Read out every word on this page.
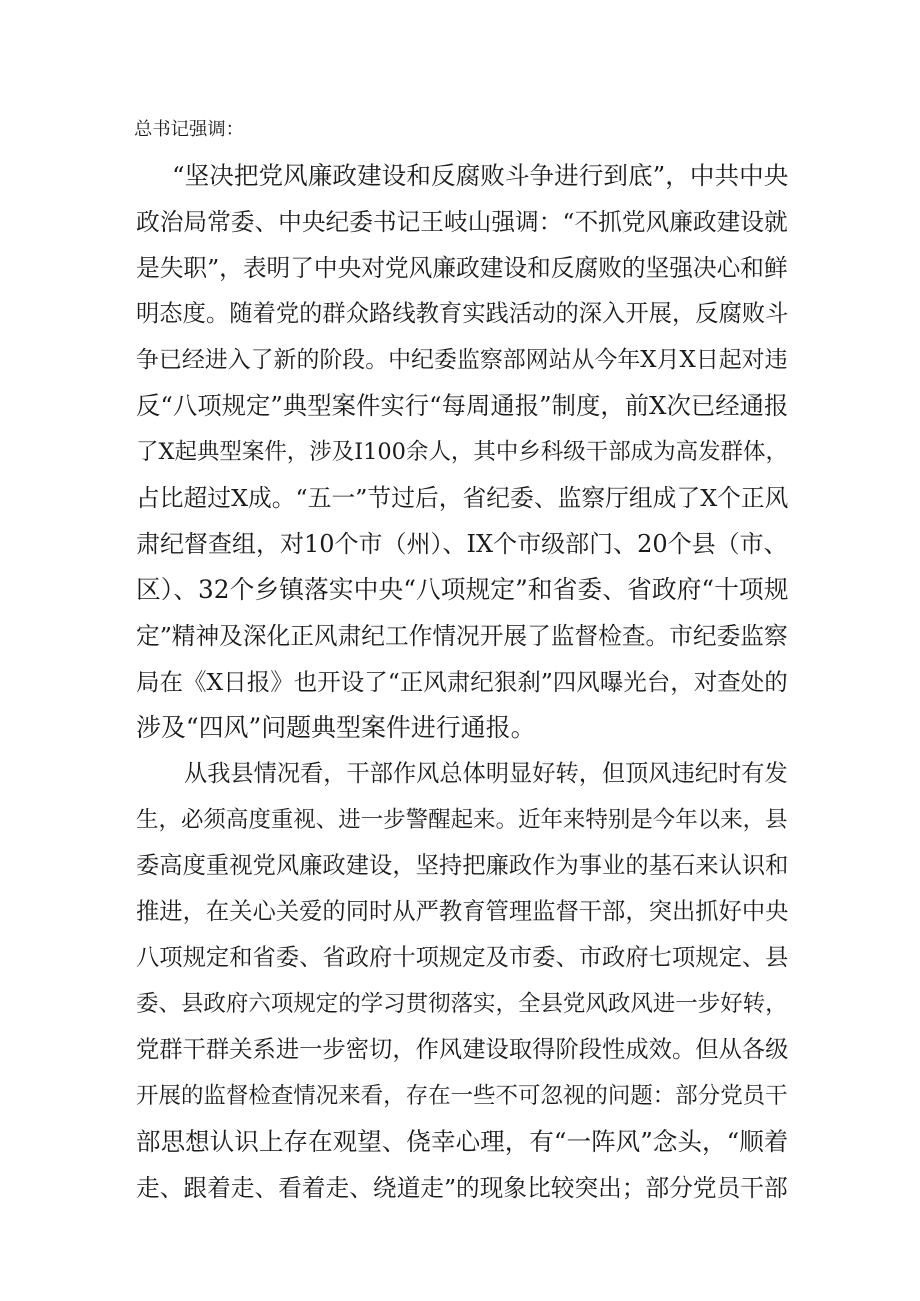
总书记强调：
“坚决把党风廉政建设和反腐败斗争进行到底”，中共中央
政治局常委、中央纪委书记王岐山强调：“不抓党风廉政建设就
是失职”，表明了中央对党风廉政建设和反腐败的坚强决心和鲜
明态度。随着党的群众路线教育实践活动的深入开展，反腐败斗
争已经进入了新的阶段。中纪委监察部网站从今年X月X日起对违
反“八项规定”典型案件实行“每周通报”制度，前X次已经通报
了X起典型案件，涉及I100余人，其中乡科级干部成为高发群体，
占比超过X成。“五一”节过后，省纪委、监察厅组成了X个正风
肃纪督查组，对10个市（州）、IX个市级部门、20个县（市、
区）、32个乡镇落实中央“八项规定”和省委、省政府“十项规
定”精神及深化正风肃纪工作情况开展了监督检查。市纪委监察
局在《X日报》也开设了“正风肃纪狠刹”四风曝光台，对查处的
涉及“四风”问题典型案件进行通报。
从我县情况看，干部作风总体明显好转，但顶风违纪时有发
生，必须高度重视、进一步警醒起来。近年来特别是今年以来，县
委高度重视党风廉政建设，坚持把廉政作为事业的基石来认识和
推进，在关心关爱的同时从严教育管理监督干部，突出抓好中央
八项规定和省委、省政府十项规定及市委、市政府七项规定、县
委、县政府六项规定的学习贯彻落实，全县党风政风进一步好转，
党群干群关系进一步密切，作风建设取得阶段性成效。但从各级
开展的监督检查情况来看，存在一些不可忽视的问题：部分党员干
部思想认识上存在观望、侥幸心理，有“一阵风”念头，“顺着
走、跟着走、看着走、绕道走”的现象比较突出；部分党员干部
